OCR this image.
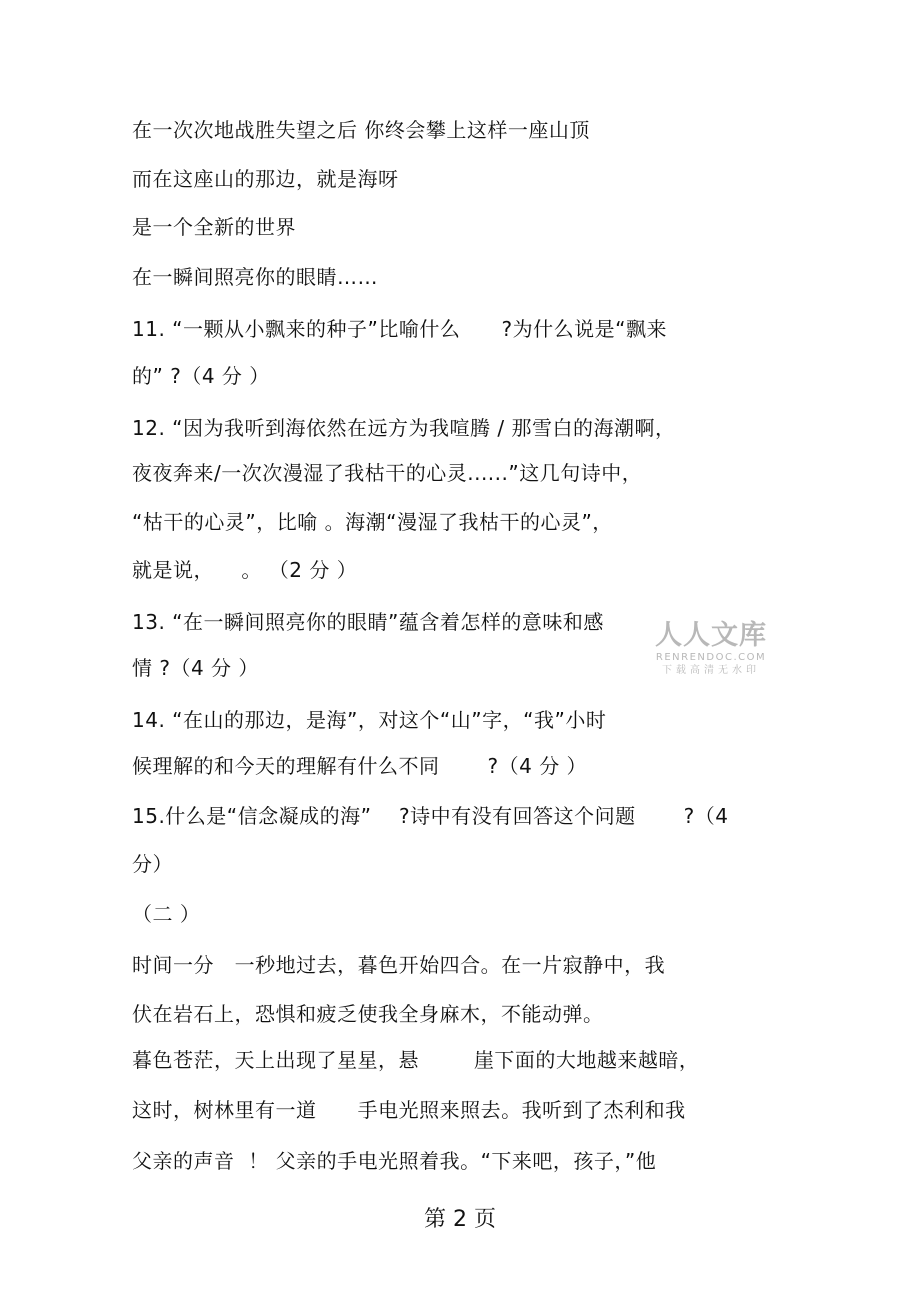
在一次次地战胜失望之后 你终会攀上这样一座山顶
而在这座山的那边，就是海呀
是一个全新的世界
在一瞬间照亮你的眼睛……
11. “一颗从小飘来的种子”比喻什么      ?为什么说是“飘来
的” ?（4 分 ）
12. “因为我听到海依然在远方为我喧腾 / 那雪白的海潮啊，
夜夜奔来/一次次漫湿了我枯干的心灵......”这几句诗中，
“枯干的心灵”，比喻 。海潮“漫湿了我枯干的心灵”，
就是说，    。 （2 分 ）
13. “在一瞬间照亮你的眼睛”蕴含着怎样的意味和感
情 ?（4 分 ）
14. “在山的那边，是海”，对这个“山”字，“我”小时
候理解的和今天的理解有什么不同       ?（4 分 ）
15.什么是“信念凝成的海”    ?诗中有没有回答这个问题       ?（4
分）
（二 ）
时间一分   一秒地过去，暮色开始四合。在一片寂静中，我
伏在岩石上，恐惧和疲乏使我全身麻木，不能动弹。
暮色苍茫，天上出现了星星，悬        崖下面的大地越来越暗，
这时，树林里有一道      手电光照来照去。我听到了杰利和我
父亲的声音  ！ 父亲的手电光照着我。“下来吧，孩子，”他
人人文库
RENRENDOC.COM
下载高清无水印
第 2 页
